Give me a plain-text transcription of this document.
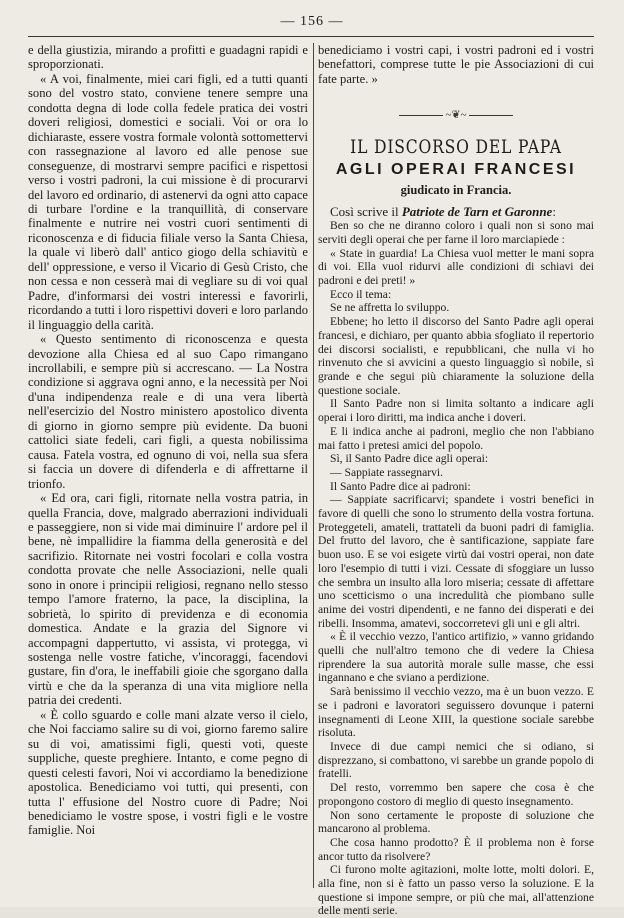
— 156 —

e della giustizia, mirando a profitti e guadagni rapidi e sproporzionati.

« A voi, finalmente, miei cari figli, ed a tutti quanti sono del vostro stato, conviene tenere sempre una condotta degna di lode colla fedele pratica dei vostri doveri religiosi, domestici e sociali. Voi or ora lo dichiaraste, essere vostra formale volontà sottomettervi con rassegnazione al lavoro ed alle penose sue conseguenze, di mostrarvi sempre pacifici e rispettosi verso i vostri padroni, la cui missione è di procurarvi del lavoro ed ordinario, di astenervi da ogni atto capace di turbare l'ordine e la tranquillità, di conservare finalmente e nutrire nei vostri cuori sentimenti di riconoscenza e di fiducia filiale verso la Santa Chiesa, la quale vi liberò dall' antico giogo della schiavitù e dell' oppressione, e verso il Vicario di Gesù Cristo, che non cessa e non cesserà mai di vegliare su di voi qual Padre, d'informarsi dei vostri interessi e favorirli, ricordando a tutti i loro rispettivi doveri e loro parlando il linguaggio della carità.

« Questo sentimento di riconoscenza e questa devozione alla Chiesa ed al suo Capo rimangano incrollabili, e sempre più si accrescano. — La Nostra condizione si aggrava ogni anno, e la necessità per Noi d'una indipendenza reale e di una vera libertà nell'esercizio del Nostro ministero apostolico diventa di giorno in giorno sempre più evidente. Da buoni cattolici siate fedeli, cari figli, a questa nobilissima causa. Fatela vostra, ed ognuno di voi, nella sua sfera si faccia un dovere di difenderla e di affrettarne il trionfo.

« Ed ora, cari figli, ritornate nella vostra patria, in quella Francia, dove, malgrado aberrazioni individuali e passeggiere, non si vide mai diminuire l' ardore pel il bene, nè impallidire la fiamma della generosità e del sacrifizio. Ritornate nei vostri focolari e colla vostra condotta provate che nelle Associazioni, nelle quali sono in onore i principii religiosi, regnano nello stesso tempo l'amore fraterno, la pace, la disciplina, la sobrietà, lo spirito di previdenza e di economia domestica. Andate e la grazia del Signore vi accompagni dappertutto, vi assista, vi protegga, vi sostenga nelle vostre fatiche, v'incoraggi, facendovi gustare, fin d'ora, le ineffabili gioie che sgorgano dalla virtù e che da la speranza di una vita migliore nella patria dei credenti.

« È collo sguardo e colle mani alzate verso il cielo, che Noi facciamo salire su di voi, giorno faremo salire su di voi, amatissimi figli, questi voti, queste suppliche, queste preghiere. Intanto, e come pegno di questi celesti favori, Noi vi accordiamo la benedizione apostolica. Benediciamo voi tutti, qui presenti, con tutta l' effusione del Nostro cuore di Padre; Noi benediciamo le vostre spose, i vostri figli e le vostre famiglie. Noi

benediciamo i vostri capi, i vostri padroni ed i vostri benefattori, comprese tutte le pie Associazioni di cui fate parte. »

~❦~
IL DISCORSO DEL PAPA
AGLI OPERAI FRANCESI
giudicato in Francia.

Così scrive il Patriote de Tarn et Garonne:

Ben so che ne diranno coloro i quali non si sono mai serviti degli operai che per farne il loro marciapiede :

« State in guardia! La Chiesa vuol metter le mani sopra di voi. Ella vuol ridurvi alle condizioni di schiavi dei padroni e dei preti! »

Ecco il tema:

Se ne affretta lo sviluppo.

Ebbene; ho letto il discorso del Santo Padre agli operai francesi, e dichiaro, per quanto abbia sfogliato il repertorio dei discorsi socialisti, e repubblicani, che nulla vi ho rinvenuto che si avvicini a questo linguaggio sì nobile, sì grande e che segui più chiaramente la soluzione della questione sociale.

Il Santo Padre non si limita soltanto a indicare agli operai i loro diritti, ma indica anche i doveri.

E li indica anche ai padroni, meglio che non l'abbiano mai fatto i pretesi amici del popolo.

Sì, il Santo Padre dice agli operai:

— Sappiate rassegnarvi.

Il Santo Padre dice ai padroni:

— Sappiate sacrificarvi; spandete i vostri benefici in favore di quelli che sono lo strumento della vostra fortuna. Proteggeteli, amateli, trattateli da buoni padri di famiglia. Del frutto del lavoro, che è santificazione, sappiate fare buon uso. E se voi esigete virtù dai vostri operai, non date loro l'esempio di tutti i vizi. Cessate di sfoggiare un lusso che sembra un insulto alla loro miseria; cessate di affettare uno scetticismo o una incredulità che piombano sulle anime dei vostri dipendenti, e ne fanno dei disperati e dei ribelli. Insomma, amatevi, soccorretevi gli uni e gli altri.

« È il vecchio vezzo, l'antico artifizio, » vanno gridando quelli che null'altro temono che di vedere la Chiesa riprendere la sua autorità morale sulle masse, che essi ingannano e che sviano a perdizione.

Sarà benissimo il vecchio vezzo, ma è un buon vezzo. E se i padroni e lavoratori seguissero dovunque i paterni insegnamenti di Leone XIII, la questione sociale sarebbe risoluta.

Invece di due campi nemici che si odiano, si disprezzano, si combattono, vi sarebbe un grande popolo di fratelli.

Del resto, vorremmo ben sapere che cosa è che propongono costoro di meglio di questo insegnamento.

Non sono certamente le proposte di soluzione che mancarono al problema.

Che cosa hanno prodotto? È il problema non è forse ancor tutto da risolvere?

Ci furono molte agitazioni, molte lotte, molti dolori. E, alla fine, non si è fatto un passo verso la soluzione. E la questione si impone sempre, or più che mai, all'attenzione delle menti serie.
